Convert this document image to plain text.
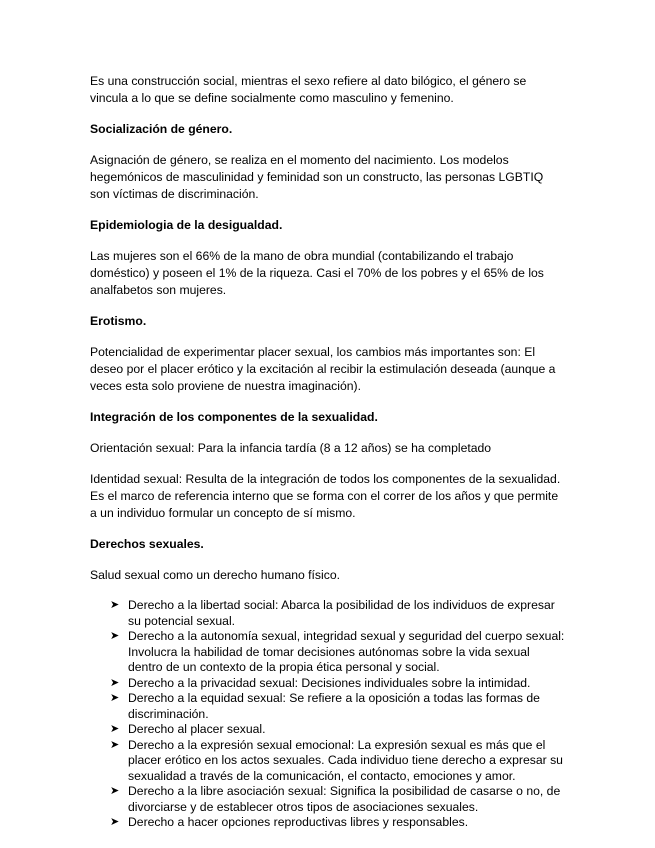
Es una construcción social, mientras el sexo refiere al dato bilógico, el género se vincula a lo que se define socialmente como masculino y femenino.

Socialización de género.

Asignación de género, se realiza en el momento del nacimiento. Los modelos hegemónicos de masculinidad y feminidad son un constructo, las personas LGBTIQ son víctimas de discriminación.

Epidemiologia de la desigualdad.

Las mujeres son el 66% de la mano de obra mundial (contabilizando el trabajo doméstico) y poseen el 1% de la riqueza. Casi el 70% de los pobres y el 65% de los analfabetos son mujeres.

Erotismo.

Potencialidad de experimentar placer sexual, los cambios más importantes son: El deseo por el placer erótico y la excitación al recibir la estimulación deseada (aunque a veces esta solo proviene de nuestra imaginación).

Integración de los componentes de la sexualidad.

Orientación sexual: Para la infancia tardía (8 a 12 años) se ha completado

Identidad sexual: Resulta de la integración de todos los componentes de la sexualidad. Es el marco de referencia interno que se forma con el correr de los años y que permite a un individuo formular un concepto de sí mismo.

Derechos sexuales.

Salud sexual como un derecho humano físico.

➤ Derecho a la libertad social: Abarca la posibilidad de los individuos de expresar su potencial sexual.
➤ Derecho a la autonomía sexual, integridad sexual y seguridad del cuerpo sexual: Involucra la habilidad de tomar decisiones autónomas sobre la vida sexual dentro de un contexto de la propia ética personal y social.
➤ Derecho a la privacidad sexual: Decisiones individuales sobre la intimidad.
➤ Derecho a la equidad sexual: Se refiere a la oposición a todas las formas de discriminación.
➤ Derecho al placer sexual.
➤ Derecho a la expresión sexual emocional: La expresión sexual es más que el placer erótico en los actos sexuales. Cada individuo tiene derecho a expresar su sexualidad a través de la comunicación, el contacto, emociones y amor.
➤ Derecho a la libre asociación sexual: Significa la posibilidad de casarse o no, de divorciarse y de establecer otros tipos de asociaciones sexuales.
➤ Derecho a hacer opciones reproductivas libres y responsables.
